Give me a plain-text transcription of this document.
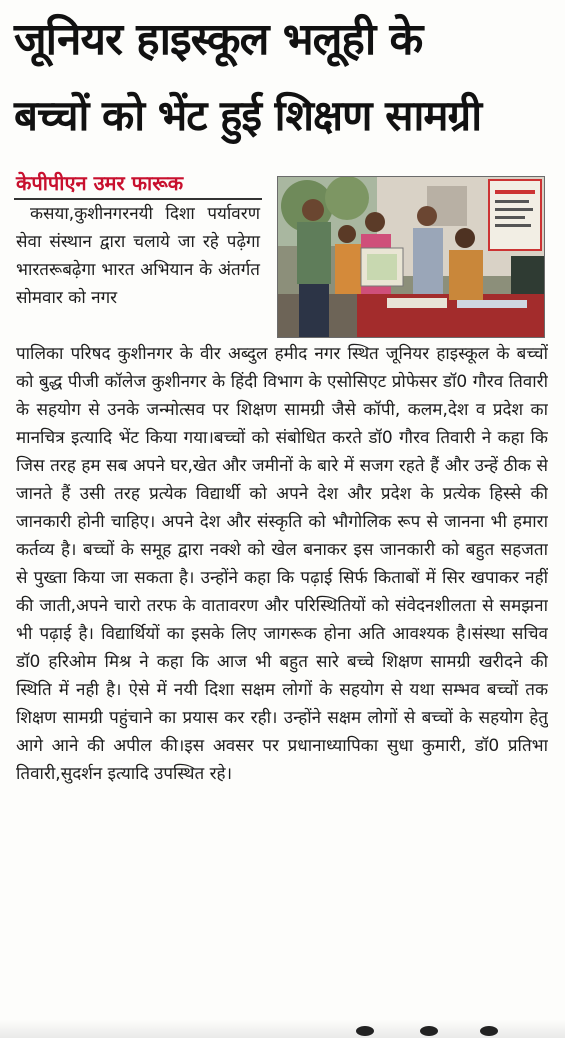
जूनियर हाइस्कूल भलूही के
बच्चों को भेंट हुई शिक्षण सामग्री
केपीपीएन उमर फारूक

कसया,कुशीनगरनयी दिशा पर्यावरण सेवा संस्थान द्वारा चलाये जा रहे पढ़ेगा भारतरूबढ़ेगा भारत अभियान के अंतर्गत सोमवार को नगर

पालिका परिषद कुशीनगर के वीर अब्दुल हमीद नगर स्थित जूनियर हाइस्कूल के बच्चों को बुद्ध पीजी कॉलेज कुशीनगर के हिंदी विभाग के एसोसिएट प्रोफेसर डॉ0 गौरव तिवारी के सहयोग से उनके जन्मोत्सव पर शिक्षण सामग्री जैसे कॉपी, कलम,देश व प्रदेश का मानचित्र इत्यादि भेंट किया गया।बच्चों को संबोधित करते डॉ0 गौरव तिवारी ने कहा कि जिस तरह हम सब अपने घर,खेत और जमीनों के बारे में सजग रहते हैं और उन्हें ठीक से जानते हैं उसी तरह प्रत्येक विद्यार्थी को अपने देश और प्रदेश के प्रत्येक हिस्से की जानकारी होनी चाहिए। अपने देश और संस्कृति को भौगोलिक रूप से जानना भी हमारा कर्तव्य है। बच्चों के समूह द्वारा नक्शे को खेल बनाकर इस जानकारी को बहुत सहजता से पुख्ता किया जा सकता है। उन्होंने कहा कि पढ़ाई सिर्फ किताबों में सिर खपाकर नहीं की जाती,अपने चारो तरफ के वातावरण और परिस्थितियों को संवेदनशीलता से समझना भी पढ़ाई है। विद्यार्थियों का इसके लिए जागरूक होना अति आवश्यक है।संस्था सचिव डॉ0 हरिओम मिश्र ने कहा कि आज भी बहुत सारे बच्चे शिक्षण सामग्री खरीदने की स्थिति में नही है। ऐसे में नयी दिशा सक्षम लोगों के सहयोग से यथा सम्भव बच्चों तक शिक्षण सामग्री पहुंचाने का प्रयास कर रही। उन्होंने सक्षम लोगों से बच्चों के सहयोग हेतु आगे आने की अपील की।इस अवसर पर प्रधानाध्यापिका सुधा कुमारी, डॉ0 प्रतिभा तिवारी,सुदर्शन इत्यादि उपस्थित रहे।
